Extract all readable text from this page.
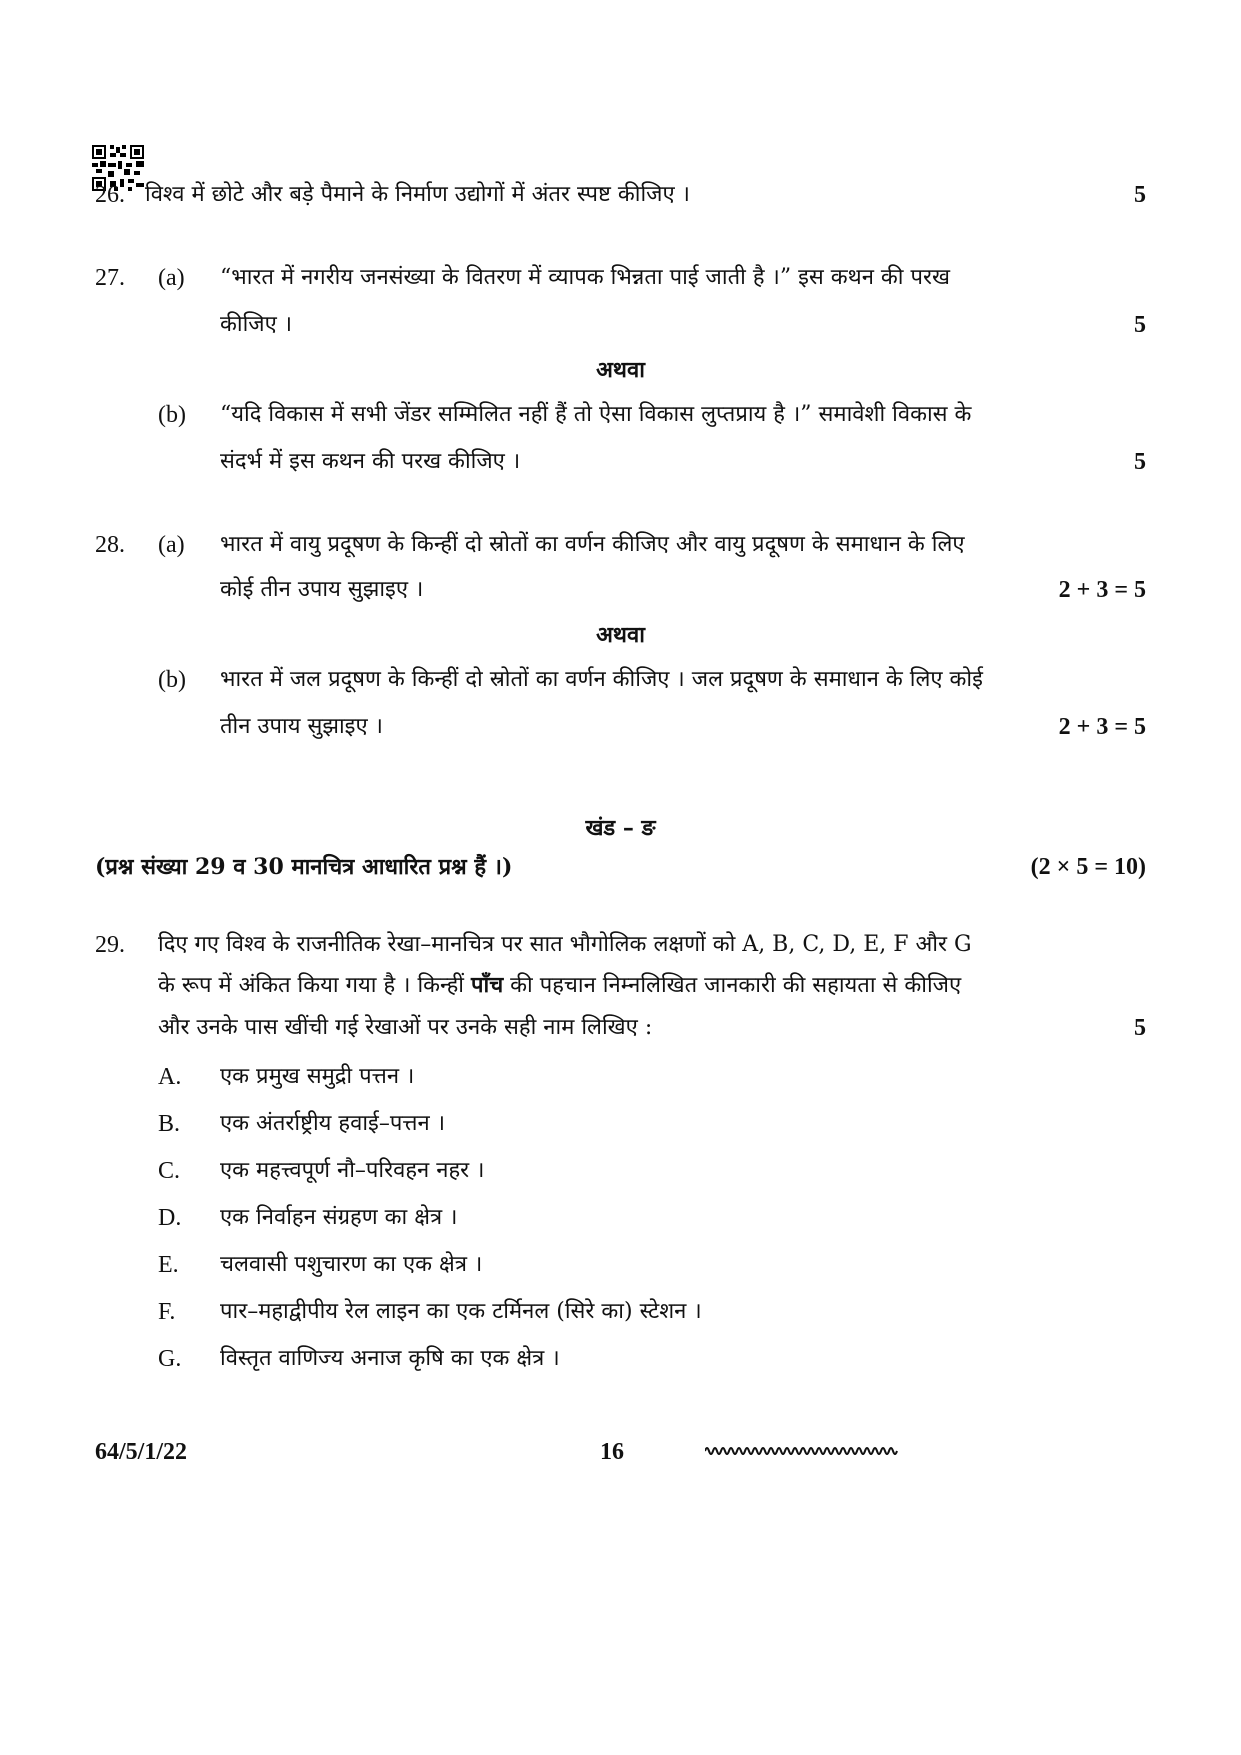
26. विश्व में छोटे और बड़े पैमाने के निर्माण उद्योगों में अंतर स्पष्ट कीजिए ।	5
27. (a) “भारत में नगरीय जनसंख्या के वितरण में व्यापक भिन्नता पाई जाती है ।” इस कथन की परख
कीजिए ।	5
अथवा
(b) “यदि विकास में सभी जेंडर सम्मिलित नहीं हैं तो ऐसा विकास लुप्तप्राय है ।” समावेशी विकास के
संदर्भ में इस कथन की परख कीजिए ।	5
28. (a) भारत में वायु प्रदूषण के किन्हीं दो स्रोतों का वर्णन कीजिए और वायु प्रदूषण के समाधान के लिए
कोई तीन उपाय सुझाइए ।	2 + 3 = 5
अथवा
(b) भारत में जल प्रदूषण के किन्हीं दो स्रोतों का वर्णन कीजिए । जल प्रदूषण के समाधान के लिए कोई
तीन उपाय सुझाइए ।	2 + 3 = 5
खंड – ङ
(प्रश्न संख्या 29 व 30 मानचित्र आधारित प्रश्न हैं ।)	(2 × 5 = 10)
29. दिए गए विश्व के राजनीतिक रेखा–मानचित्र पर सात भौगोलिक लक्षणों को A, B, C, D, E, F और G
के रूप में अंकित किया गया है । किन्हीं पाँच की पहचान निम्नलिखित जानकारी की सहायता से कीजिए
और उनके पास खींची गई रेखाओं पर उनके सही नाम लिखिए :	5
A. एक प्रमुख समुद्री पत्तन ।
B. एक अंतर्राष्ट्रीय हवाई–पत्तन ।
C. एक महत्त्वपूर्ण नौ–परिवहन नहर ।
D. एक निर्वाहन संग्रहण का क्षेत्र ।
E. चलवासी पशुचारण का एक क्षेत्र ।
F. पार–महाद्वीपीय रेल लाइन का एक टर्मिनल (सिरे का) स्टेशन ।
G. विस्तृत वाणिज्य अनाज कृषि का एक क्षेत्र ।
64/5/1/22	16
